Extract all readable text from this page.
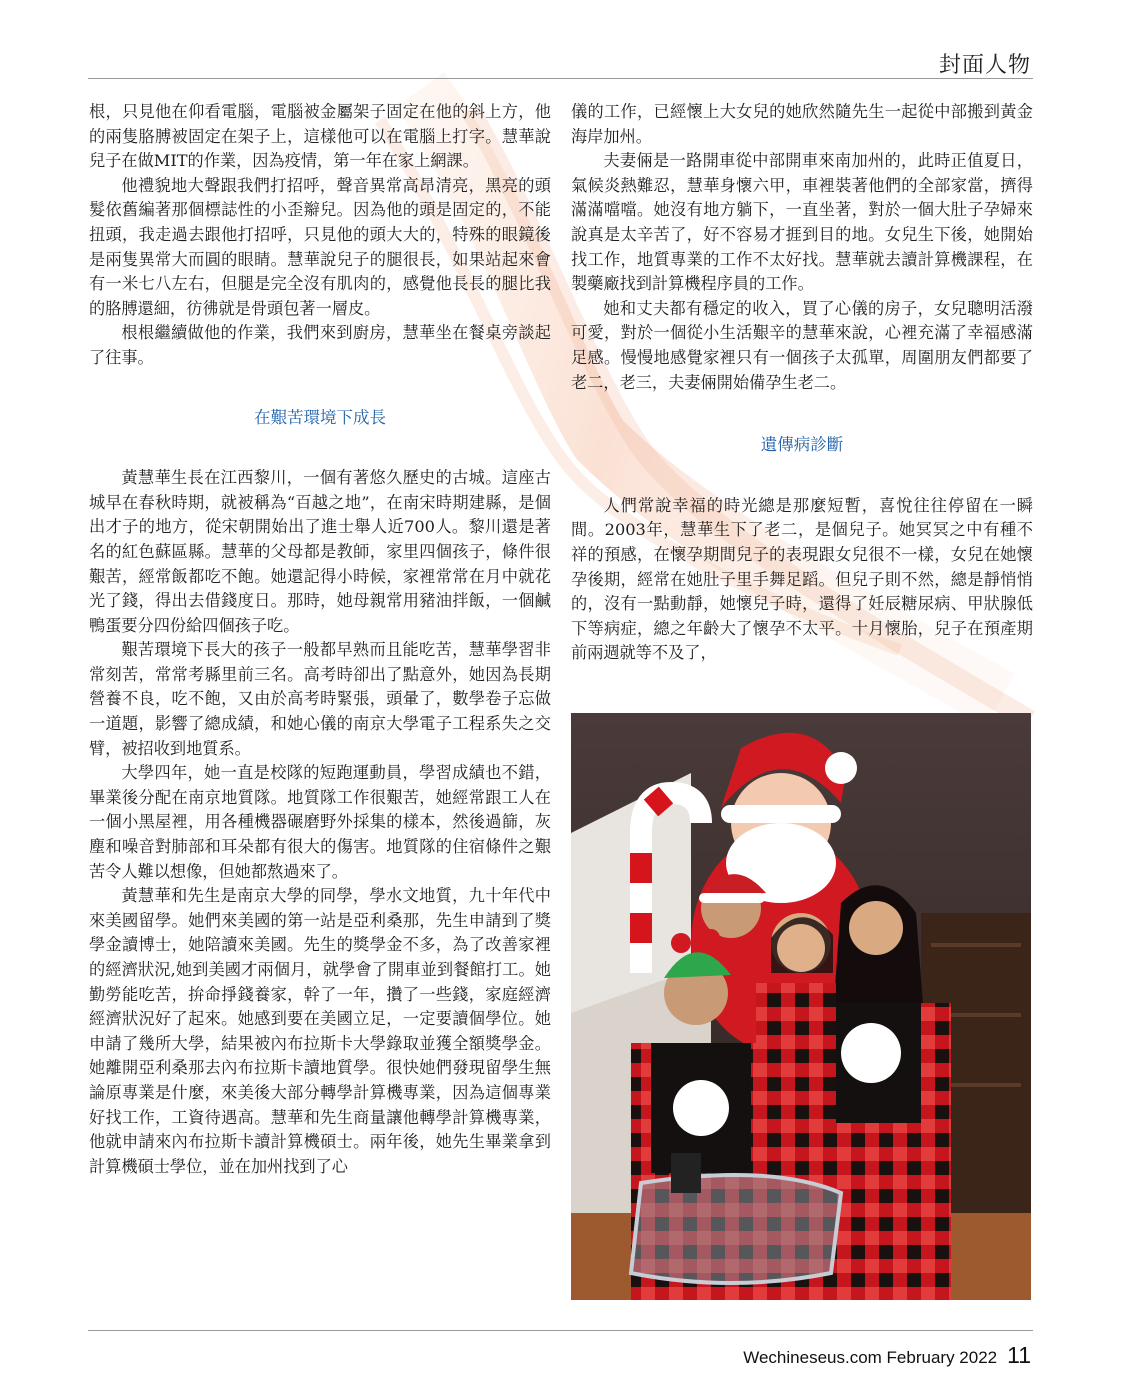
封面人物

根，只見他在仰看電腦，電腦被金屬架子固定在他的斜上方，他的兩隻胳膊被固定在架子上，這樣他可以在電腦上打字。慧華說兒子在做MIT的作業，因為疫情，第一年在家上網課。

他禮貌地大聲跟我們打招呼，聲音異常高昂清亮，黑亮的頭髮依舊編著那個標誌性的小歪辮兒。因為他的頭是固定的，不能扭頭，我走過去跟他打招呼，只見他的頭大大的，特殊的眼鏡後是兩隻異常大而圓的眼睛。慧華說兒子的腿很長，如果站起來會有一米七八左右，但腿是完全沒有肌肉的，感覺他長長的腿比我的胳膊還細，彷彿就是骨頭包著一層皮。

根根繼續做他的作業，我們來到廚房，慧華坐在餐桌旁談起了往事。

在艱苦環境下成長

黃慧華生長在江西黎川，一個有著悠久歷史的古城。這座古城早在春秋時期，就被稱為“百越之地”，在南宋時期建縣，是個出才子的地方，從宋朝開始出了進士舉人近700人。黎川還是著名的紅色蘇區縣。慧華的父母都是教師，家里四個孩子，條件很艱苦，經常飯都吃不飽。她還記得小時候，家裡常常在月中就花光了錢，得出去借錢度日。那時，她母親常用豬油拌飯，一個鹹鴨蛋要分四份給四個孩子吃。

艱苦環境下長大的孩子一般都早熟而且能吃苦，慧華學習非常刻苦，常常考縣里前三名。高考時卻出了點意外，她因為長期營養不良，吃不飽，又由於高考時緊張，頭暈了，數學卷子忘做一道題，影響了總成績，和她心儀的南京大學電子工程系失之交臂，被招收到地質系。

大學四年，她一直是校隊的短跑運動員，學習成績也不錯，畢業後分配在南京地質隊。地質隊工作很艱苦，她經常跟工人在一個小黑屋裡，用各種機器碾磨野外採集的樣本，然後過篩，灰塵和噪音對肺部和耳朵都有很大的傷害。地質隊的住宿條件之艱苦令人難以想像，但她都熬過來了。

黃慧華和先生是南京大學的同學，學水文地質，九十年代中來美國留學。她們來美國的第一站是亞利桑那，先生申請到了獎學金讀博士，她陪讀來美國。先生的獎學金不多，為了改善家裡的經濟狀況,她到美國才兩個月，就學會了開車並到餐館打工。她勤勞能吃苦，拚命掙錢養家，幹了一年，攢了一些錢，家庭經濟經濟狀況好了起來。她感到要在美國立足，一定要讀個學位。她申請了幾所大學，結果被內布拉斯卡大學錄取並獲全額獎學金。她離開亞利桑那去內布拉斯卡讀地質學。很快她們發現留學生無論原專業是什麼，來美後大部分轉學計算機專業，因為這個專業好找工作，工資待遇高。慧華和先生商量讓他轉學計算機專業，他就申請來內布拉斯卡讀計算機碩士。兩年後，她先生畢業拿到計算機碩士學位，並在加州找到了心

儀的工作，已經懷上大女兒的她欣然隨先生一起從中部搬到黃金海岸加州。

夫妻倆是一路開車從中部開車來南加州的，此時正值夏日，氣候炎熱難忍，慧華身懷六甲，車裡裝著他們的全部家當，擠得滿滿噹噹。她沒有地方躺下，一直坐著，對於一個大肚子孕婦來說真是太辛苦了，好不容易才捱到目的地。女兒生下後，她開始找工作，地質專業的工作不太好找。慧華就去讀計算機課程，在製藥廠找到計算機程序員的工作。

她和丈夫都有穩定的收入，買了心儀的房子，女兒聰明活潑可愛，對於一個從小生活艱辛的慧華來說，心裡充滿了幸福感滿足感。慢慢地感覺家裡只有一個孩子太孤單，周圍朋友們都要了老二，老三，夫妻倆開始備孕生老二。

遺傳病診斷

人們常說幸福的時光總是那麼短暫，喜悅往往停留在一瞬間。2003年，慧華生下了老二，是個兒子。她冥冥之中有種不祥的預感，在懷孕期間兒子的表現跟女兒很不一樣，女兒在她懷孕後期，經常在她肚子里手舞足蹈。但兒子則不然，總是靜悄悄的，沒有一點動靜，她懷兒子時，還得了妊辰糖尿病、甲狀腺低下等病症，總之年齡大了懷孕不太平。十月懷胎，兒子在預產期前兩週就等不及了，

Wechineseus.com February 2022 11
